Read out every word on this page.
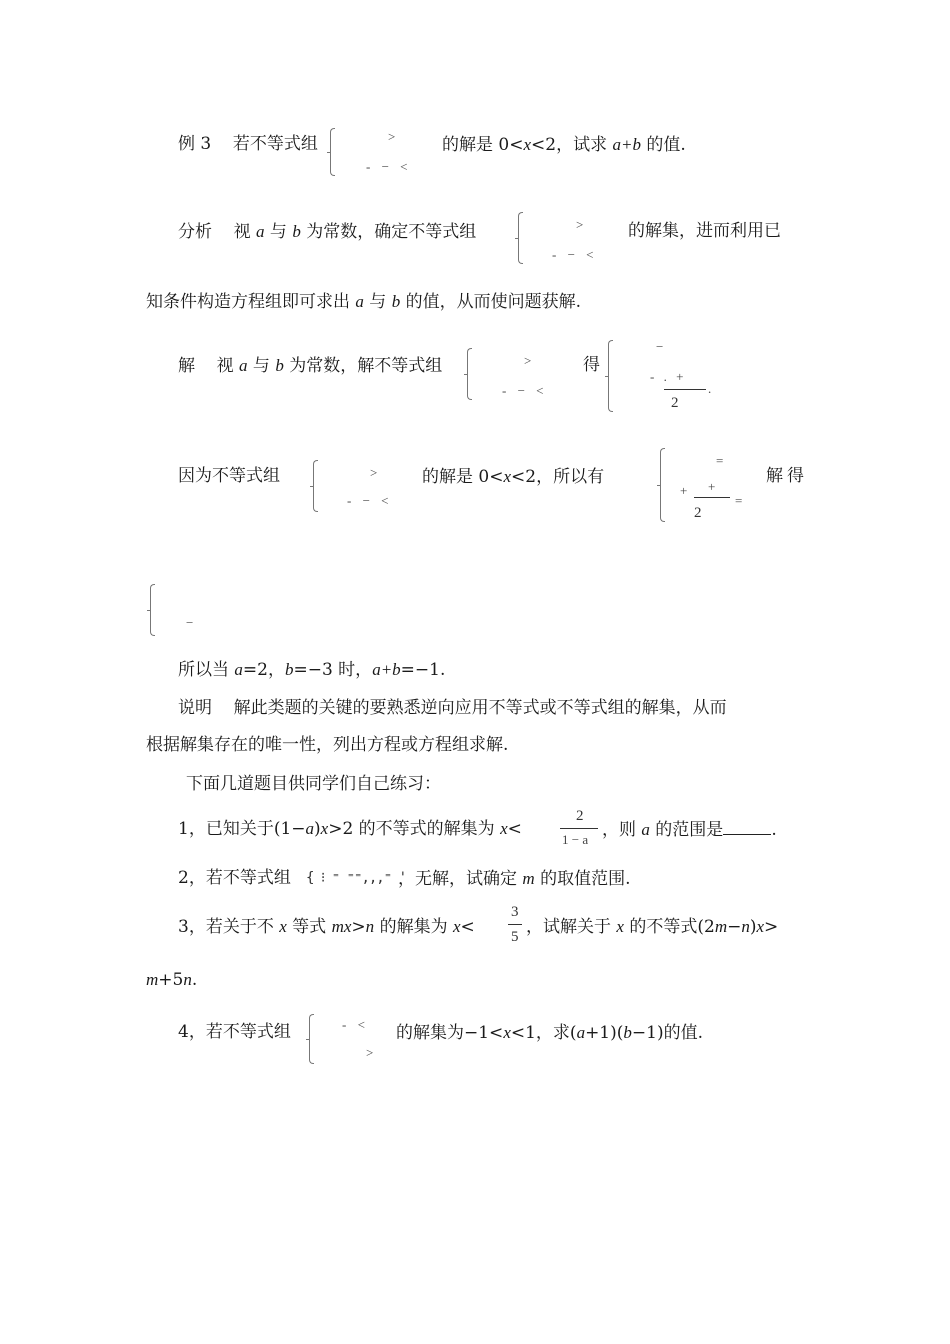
例 3 若不等式组	>
- − <
的解是 0<x<2，试求 a+b 的值.
分析 视 a 与 b 为常数，确定不等式组	>
- − <
的解集，进而利用已
知条件构造方程组即可求出 a 与 b 的值，从而使问题获解.
解 视 a 与 b 为常数，解不等式组	>
- − <
得
−
- . +
2
.
因为不等式组	>
- − <
的解是 0<x<2，所以有
=
+ +
2
=
解得
−
所以当 a=2，b=−3 时，a+b=−1.
说明 解此类题的关键的要熟悉逆向应用不等式或不等式组的解集，从而
根据解集存在的唯一性，列出方程或方程组求解.
下面几道题目供同学们自己练习：
1，已知关于(1−a)x>2 的不等式的解集为 x<
2
1 − a ，则 a 的范围是	.
2，若不等式组 { ⁝ ⁼ ⁼⁼,,,⁼ '
，无解，试确定 m 的取值范围.
3，若关于不 x 等式 mx>n 的解集为 x<
3
5 ，试解关于 x 的不等式(2m−n)x>
m+5n.
4，若不等式组	- <
>
的解集为−1<x<1，求(a+1)(b−1)的值.
